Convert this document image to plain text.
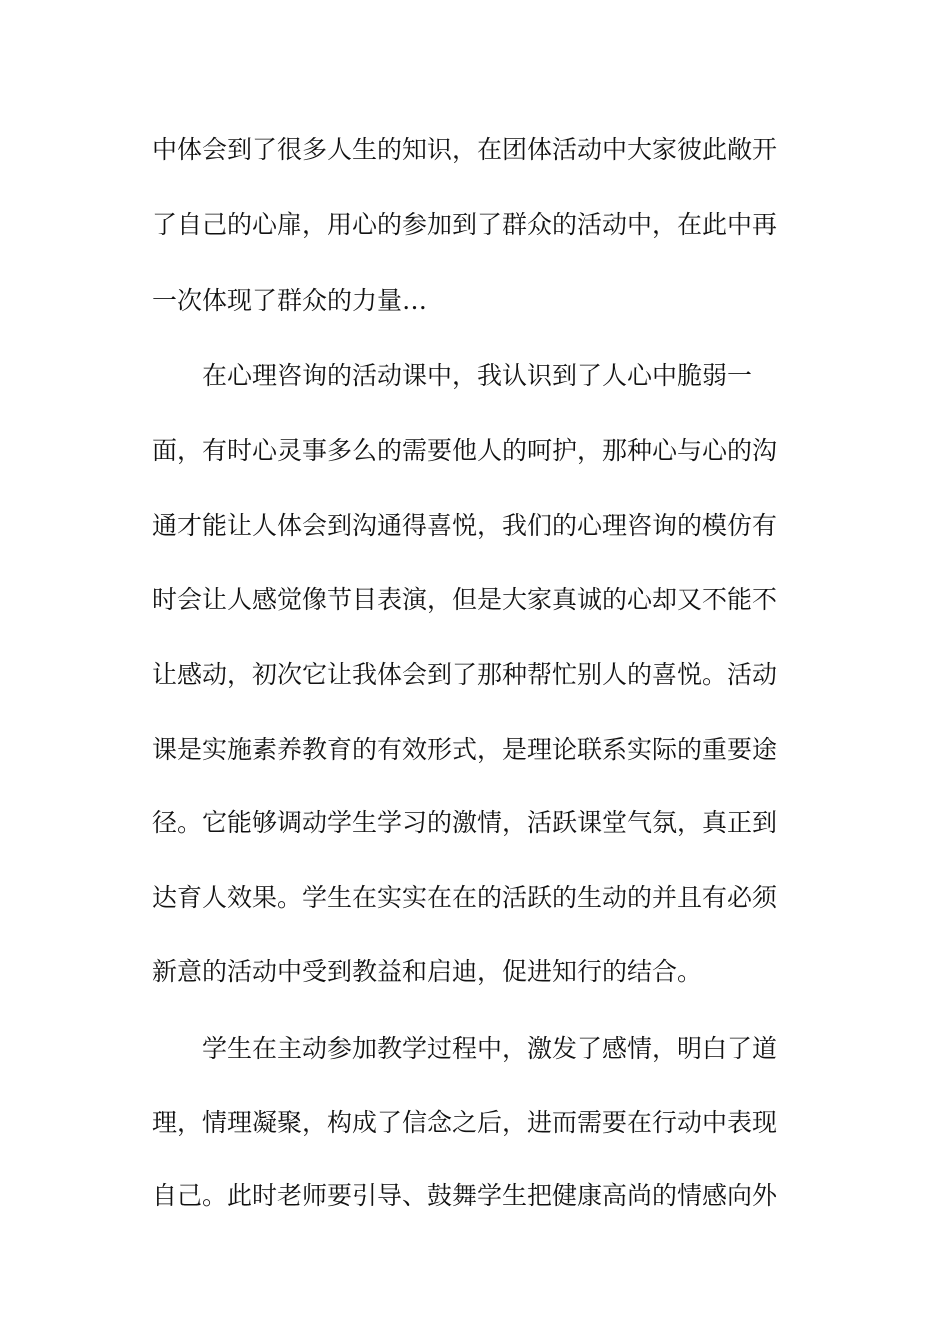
中体会到了很多人生的知识，在团体活动中大家彼此敞开
了自己的心扉，用心的参加到了群众的活动中，在此中再
一次体现了群众的力量…
在心理咨询的活动课中，我认识到了人心中脆弱一
面，有时心灵事多么的需要他人的呵护，那种心与心的沟
通才能让人体会到沟通得喜悦，我们的心理咨询的模仿有
时会让人感觉像节目表演，但是大家真诚的心却又不能不
让感动，初次它让我体会到了那种帮忙别人的喜悦。活动
课是实施素养教育的有效形式，是理论联系实际的重要途
径。它能够调动学生学习的激情，活跃课堂气氛，真正到
达育人效果。学生在实实在在的活跃的生动的并且有必须
新意的活动中受到教益和启迪，促进知行的结合。
学生在主动参加教学过程中，激发了感情，明白了道
理，情理凝聚，构成了信念之后，进而需要在行动中表现
自己。此时老师要引导、鼓舞学生把健康高尚的情感向外
